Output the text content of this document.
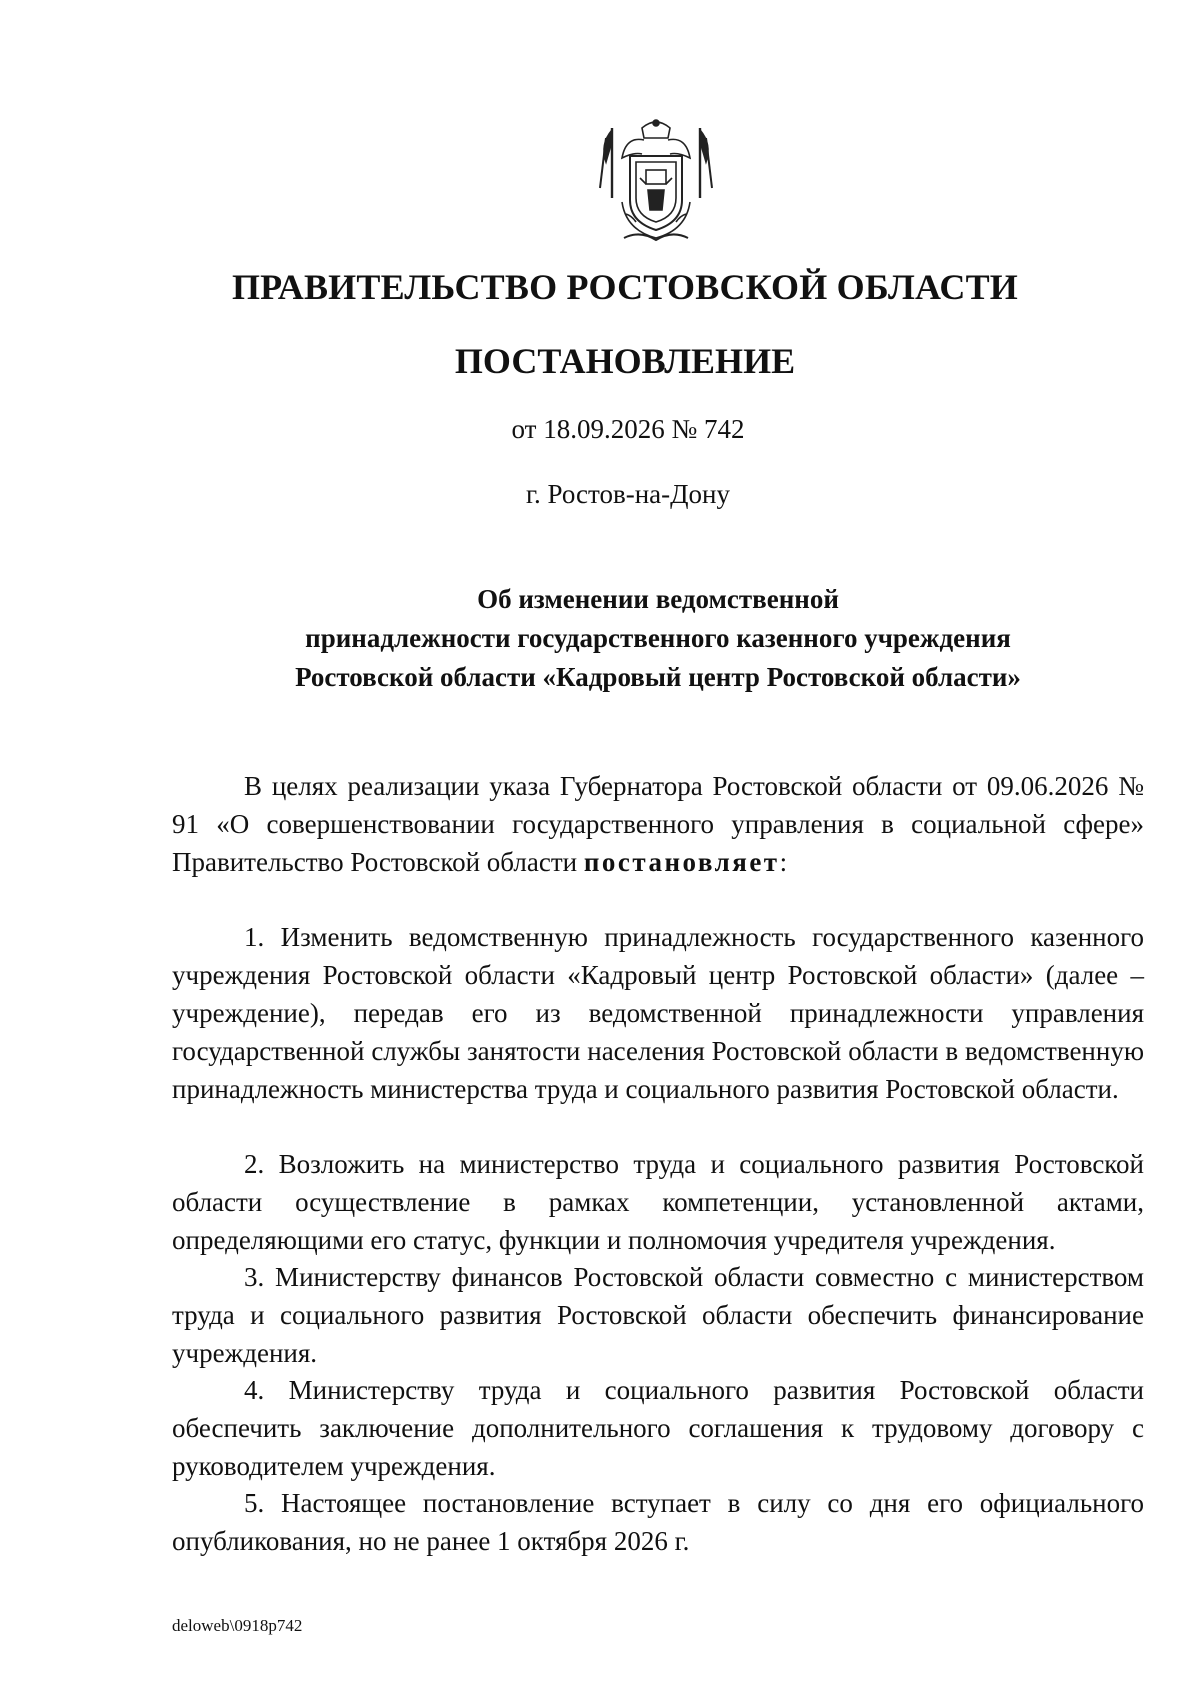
ПРАВИТЕЛЬСТВО РОСТОВСКОЙ ОБЛАСТИ
ПОСТАНОВЛЕНИЕ
от 18.09.2026 № 742
г. Ростов-на-Дону
Об изменении ведомственной
принадлежности государственного казенного учреждения
Ростовской области «Кадровый центр Ростовской области»

В целях реализации указа Губернатора Ростовской области от 09.06.2026 № 91 «О совершенствовании государственного управления в социальной сфере» Правительство Ростовской области постановляет:

1. Изменить ведомственную принадлежность государственного казенного учреждения Ростовской области «Кадровый центр Ростовской области» (далее – учреждение), передав его из ведомственной принадлежности управления государственной службы занятости населения Ростовской области в ведомственную принадлежность министерства труда и социального развития Ростовской области.

2. Возложить на министерство труда и социального развития Ростовской области осуществление в рамках компетенции, установленной актами, определяющими его статус, функции и полномочия учредителя учреждения.

3. Министерству финансов Ростовской области совместно с министерством труда и социального развития Ростовской области обеспечить финансирование учреждения.

4. Министерству труда и социального развития Ростовской области обеспечить заключение дополнительного соглашения к трудовому договору с руководителем учреждения.

5. Настоящее постановление вступает в силу со дня его официального опубликования, но не ранее 1 октября 2026 г.

deloweb\0918p742
